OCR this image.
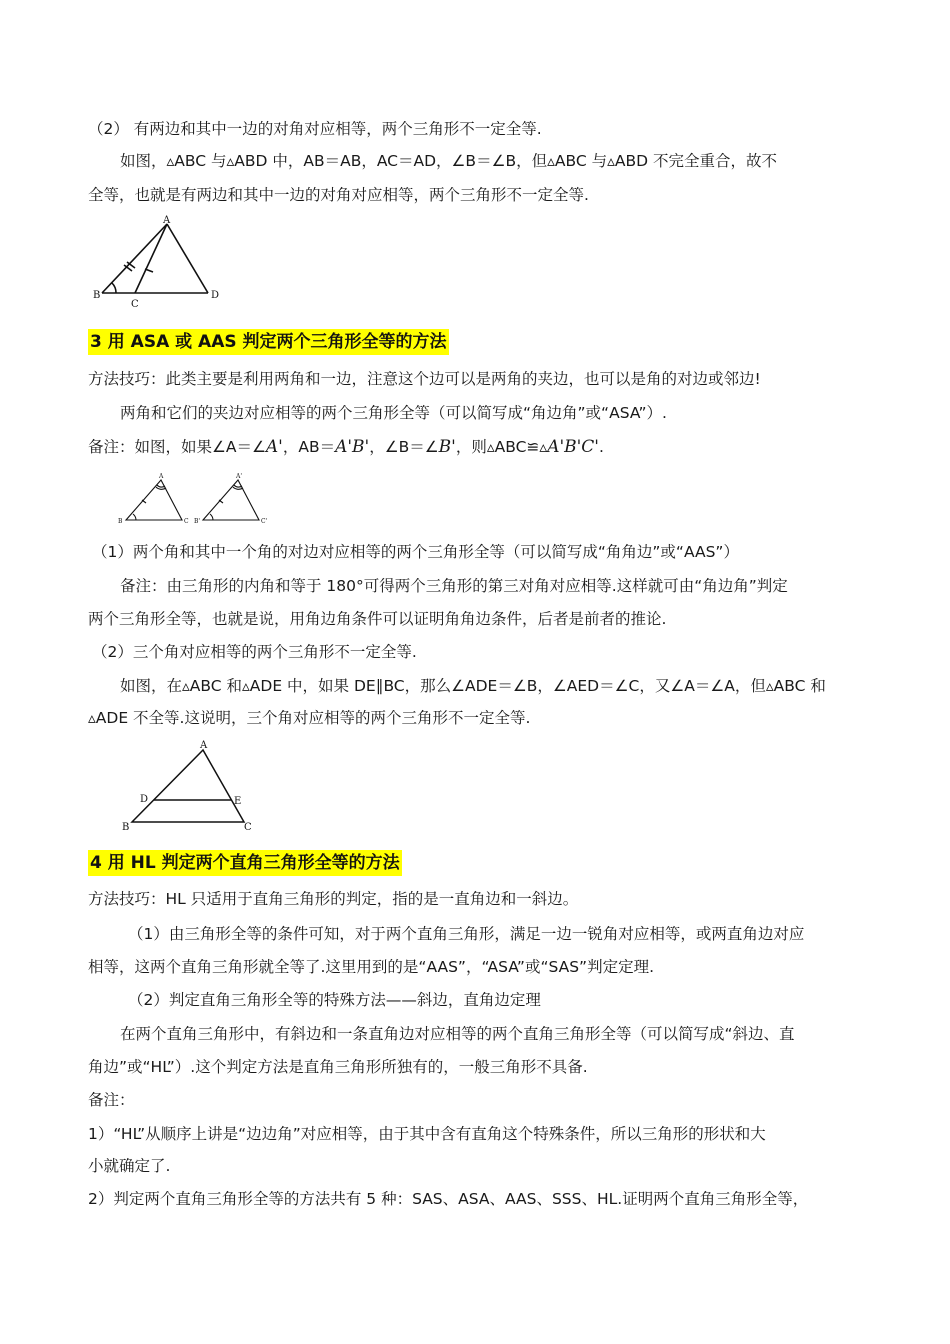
（2） 有两边和其中一边的对角对应相等，两个三角形不一定全等.
如图，▵ABC 与▵ABD 中，AB＝AB，AC＝AD，∠B＝∠B，但▵ABC 与▵ABD 不完全重合，故不
全等，也就是有两边和其中一边的对角对应相等，两个三角形不一定全等.
A
B
C
D
3 用 ASA 或 AAS 判定两个三角形全等的方法
方法技巧：此类主要是利用两角和一边，注意这个边可以是两角的夹边，也可以是角的对边或邻边!
两角和它们的夹边对应相等的两个三角形全等（可以简写成“角边角”或“ASA”）.
备注：如图，如果∠A＝∠A'，AB＝A'B'，∠B＝∠B'，则▵ABC≌▵A'B'C'.
A
B	C
A'
B'	C'
（1）两个角和其中一个角的对边对应相等的两个三角形全等（可以简写成“角角边”或“AAS”）
备注：由三角形的内角和等于 180°可得两个三角形的第三对角对应相等.这样就可由“角边角”判定
两个三角形全等，也就是说，用角边角条件可以证明角角边条件，后者是前者的推论.
（2）三个角对应相等的两个三角形不一定全等.
如图，在▵ABC 和▵ADE 中，如果 DE∥BC，那么∠ADE＝∠B，∠AED＝∠C，又∠A＝∠A，但▵ABC 和
▵ADE 不全等.这说明，三个角对应相等的两个三角形不一定全等.
A
D	E
B	C
4 用 HL 判定两个直角三角形全等的方法
方法技巧：HL 只适用于直角三角形的判定，指的是一直角边和一斜边。
（1）由三角形全等的条件可知，对于两个直角三角形，满足一边一锐角对应相等，或两直角边对应
相等，这两个直角三角形就全等了.这里用到的是“AAS”，“ASA”或“SAS”判定定理.
（2）判定直角三角形全等的特殊方法——斜边，直角边定理
在两个直角三角形中，有斜边和一条直角边对应相等的两个直角三角形全等（可以简写成“斜边、直
角边”或“HL”）.这个判定方法是直角三角形所独有的，一般三角形不具备.
备注：
1）“HL”从顺序上讲是“边边角”对应相等，由于其中含有直角这个特殊条件，所以三角形的形状和大
小就确定了.
2）判定两个直角三角形全等的方法共有 5 种：SAS、ASA、AAS、SSS、HL.证明两个直角三角形全等，
